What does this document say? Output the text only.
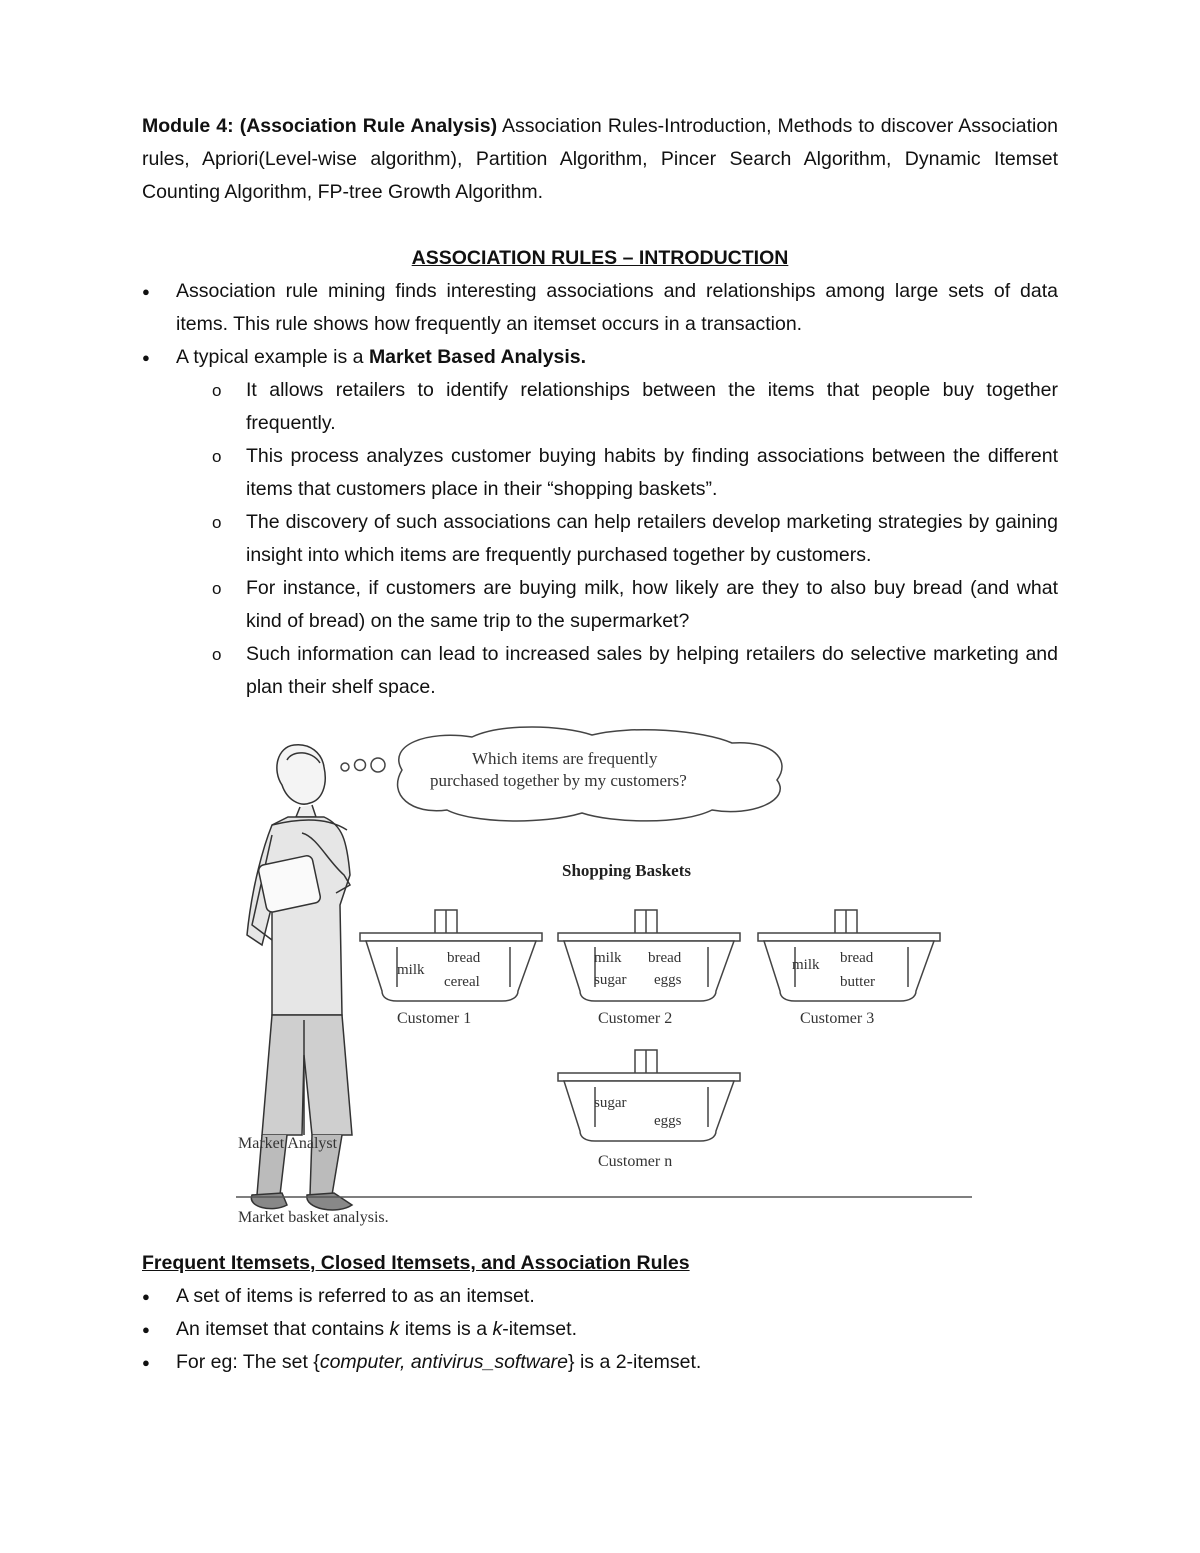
Module 4: (Association Rule Analysis) Association Rules-Introduction, Methods to discover Association rules, Apriori(Level-wise algorithm), Partition Algorithm, Pincer Search Algorithm, Dynamic Itemset Counting Algorithm, FP-tree Growth Algorithm.

ASSOCIATION RULES – INTRODUCTION
● Association rule mining finds interesting associations and relationships among large sets of data items. This rule shows how frequently an itemset occurs in a transaction.
● A typical example is a Market Based Analysis.
o It allows retailers to identify relationships between the items that people buy together frequently.
o This process analyzes customer buying habits by finding associations between the different items that customers place in their “shopping baskets”.
o The discovery of such associations can help retailers develop marketing strategies by gaining insight into which items are frequently purchased together by customers.
o For instance, if customers are buying milk, how likely are they to also buy bread (and what kind of bread) on the same trip to the supermarket?
o Such information can lead to increased sales by helping retailers do selective marketing and plan their shelf space.
Which items are frequently
purchased together by my customers?
Shopping Baskets
milk
bread
cereal
Customer 1
milk bread
sugar eggs
Customer 2
milk bread
butter
Customer 3
sugar
eggs
Customer n
Market Analyst
Market basket analysis.
Frequent Itemsets, Closed Itemsets, and Association Rules
● A set of items is referred to as an itemset.
● An itemset that contains k items is a k-itemset.
● For eg: The set {computer, antivirus_software} is a 2-itemset.
